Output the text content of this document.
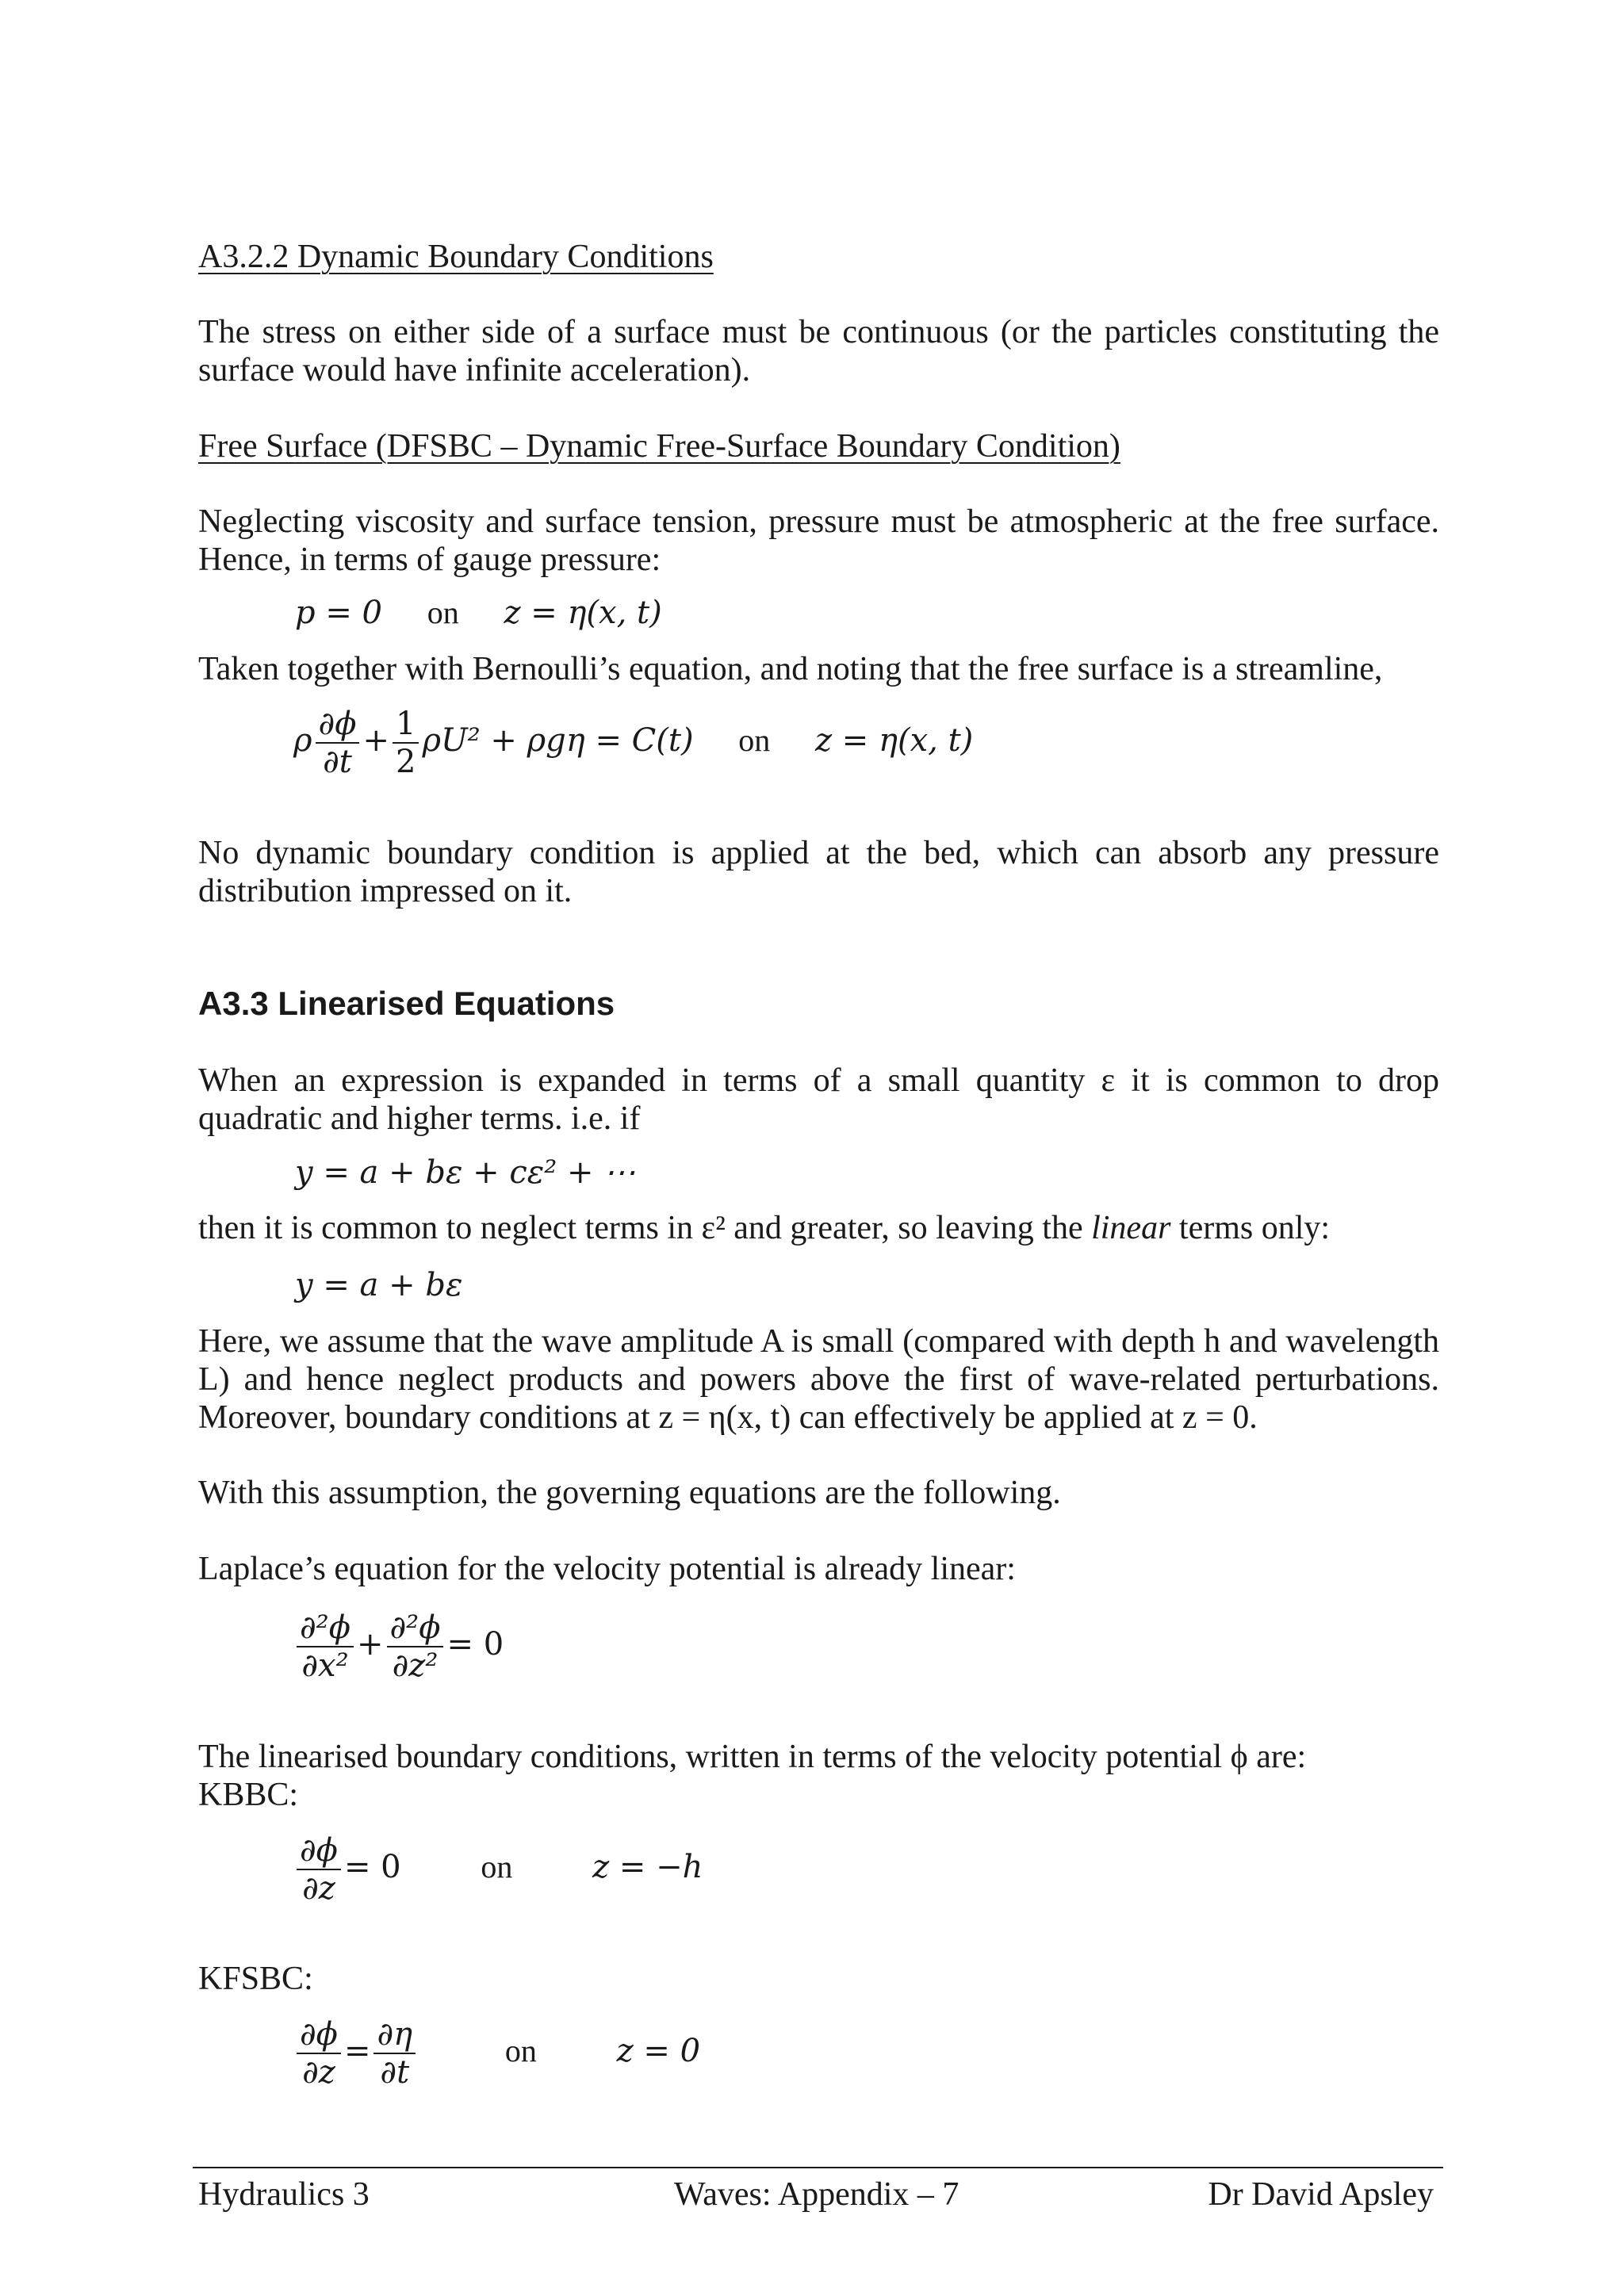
A3.2.2 Dynamic Boundary Conditions
The stress on either side of a surface must be continuous (or the particles constituting the surface would have infinite acceleration).
Free Surface (DFSBC – Dynamic Free-Surface Boundary Condition)
Neglecting viscosity and surface tension, pressure must be atmospheric at the free surface. Hence, in terms of gauge pressure:
p = 0 on z = η(x, t)
Taken together with Bernoulli’s equation, and noting that the free surface is a streamline,
ρ $\frac{\partial\phi}{\partial t} + \frac{1}{2} \rho U^2 + \rho g\eta = C(t)$ on z = η(x, t)
No dynamic boundary condition is applied at the bed, which can absorb any pressure distribution impressed on it.
A3.3 Linearised Equations
When an expression is expanded in terms of a small quantity ε it is common to drop quadratic and higher terms. i.e. if
y = a + bε + cε² + ⋯
then it is common to neglect terms in ε² and greater, so leaving the linear terms only:
y = a + bε
Here, we assume that the wave amplitude A is small (compared with depth h and wavelength L) and hence neglect products and powers above the first of wave-related perturbations. Moreover, boundary conditions at z = η(x, t) can effectively be applied at z = 0.
With this assumption, the governing equations are the following.
Laplace’s equation for the velocity potential is already linear:
$\frac{\text{∂²ϕ}}{\text{∂x²}} + \frac{\text{∂²ϕ}}{\text{∂z²}} = 0$
The linearised boundary conditions, written in terms of the velocity potential ϕ are:
KBBC:
$\frac{\partial\phi}{\partial z} = 0$	on	z = −h
KFSBC:
$\frac{\partial\phi}{\partial z} = \frac{\partial\eta}{\partial t}$	on	z = 0
Hydraulics 3	Waves: Appendix – 7	Dr David Apsley
